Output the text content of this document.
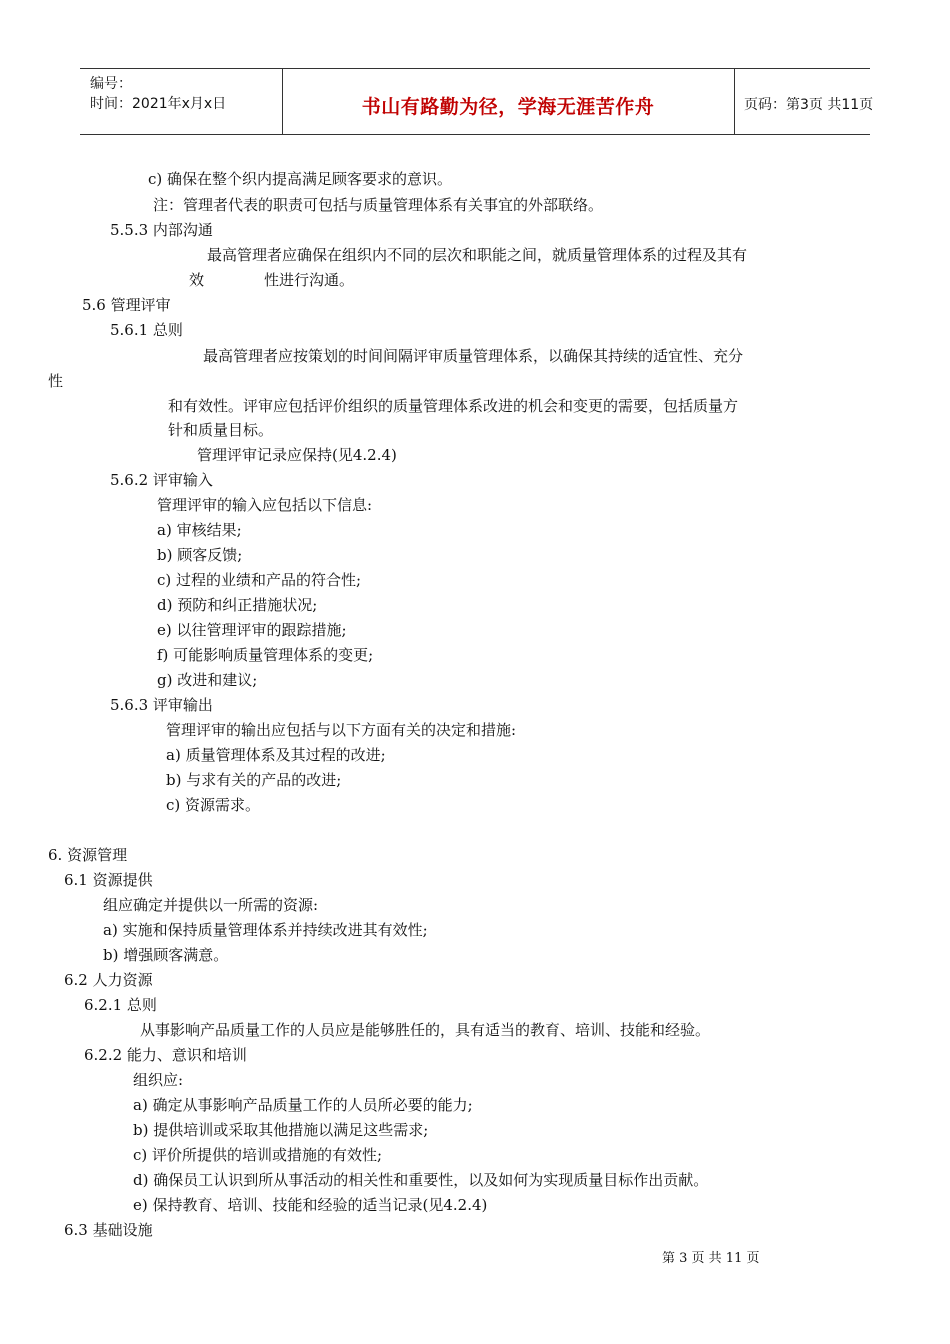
编号：
时间：2021年x月x日	书山有路勤为径，学海无涯苦作舟	页码：第3页 共11页
c) 确保在整个织内提高满足顾客要求的意识。
注：管理者代表的职责可包括与质量管理体系有关事宜的外部联络。
5.5.3 内部沟通
最高管理者应确保在组织内不同的层次和职能之间，就质量管理体系的过程及其有
效	性进行沟通。
5.6 管理评审
5.6.1 总则
最高管理者应按策划的时间间隔评审质量管理体系，以确保其持续的适宜性、充分
性
和有效性。评审应包括评价组织的质量管理体系改进的机会和变更的需要，包括质量方
针和质量目标。
管理评审记录应保持(见4.2.4)
5.6.2 评审输入
管理评审的输入应包括以下信息:
a) 审核结果;
b) 顾客反馈;
c) 过程的业绩和产品的符合性;
d) 预防和纠正措施状况;
e) 以往管理评审的跟踪措施;
f) 可能影响质量管理体系的变更;
g) 改进和建议;
5.6.3 评审输出
管理评审的输出应包括与以下方面有关的决定和措施:
a) 质量管理体系及其过程的改进;
b) 与求有关的产品的改进;
c) 资源需求。
6. 资源管理
6.1 资源提供
组应确定并提供以一所需的资源:
a) 实施和保持质量管理体系并持续改进其有效性;
b) 增强顾客满意。
6.2 人力资源
6.2.1 总则
从事影响产品质量工作的人员应是能够胜任的，具有适当的教育、培训、技能和经验。
6.2.2 能力、意识和培训
组织应:
a) 确定从事影响产品质量工作的人员所必要的能力;
b) 提供培训或采取其他措施以满足这些需求;
c) 评价所提供的培训或措施的有效性;
d) 确保员工认识到所从事活动的相关性和重要性，以及如何为实现质量目标作出贡献。
e) 保持教育、培训、技能和经验的适当记录(见4.2.4)
6.3 基础设施
第 3 页 共 11 页
